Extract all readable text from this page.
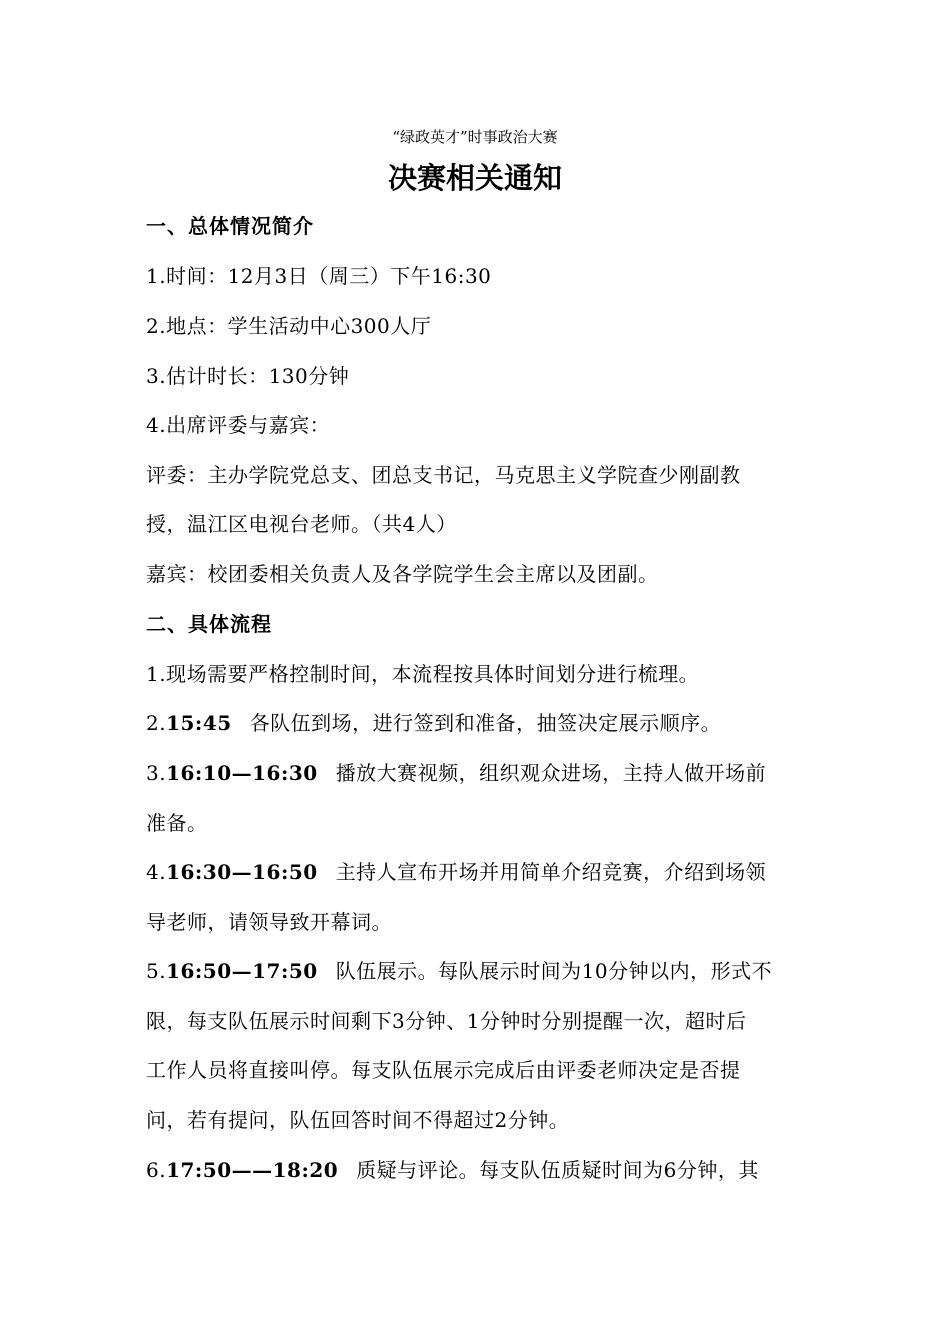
“绿政英才”时事政治大赛
决赛相关通知
一、总体情况简介
1.时间：12月3日（周三）下午16:30
2.地点：学生活动中心300人厅
3.估计时长：130分钟
4.出席评委与嘉宾：
评委：主办学院党总支、团总支书记，马克思主义学院查少刚副教
授，温江区电视台老师。（共4人）
嘉宾：校团委相关负责人及各学院学生会主席以及团副。
二、具体流程
1.现场需要严格控制时间，本流程按具体时间划分进行梳理。
2.15:45 各队伍到场，进行签到和准备，抽签决定展示顺序。
3.16:10—16:30 播放大赛视频，组织观众进场，主持人做开场前
准备。
4.16:30—16:50 主持人宣布开场并用简单介绍竞赛，介绍到场领
导老师，请领导致开幕词。
5.16:50—17:50 队伍展示。每队展示时间为10分钟以内，形式不
限，每支队伍展示时间剩下3分钟、1分钟时分别提醒一次，超时后
工作人员将直接叫停。每支队伍展示完成后由评委老师决定是否提
问，若有提问，队伍回答时间不得超过2分钟。
6.17:50——18:20 质疑与评论。每支队伍质疑时间为6分钟，其
